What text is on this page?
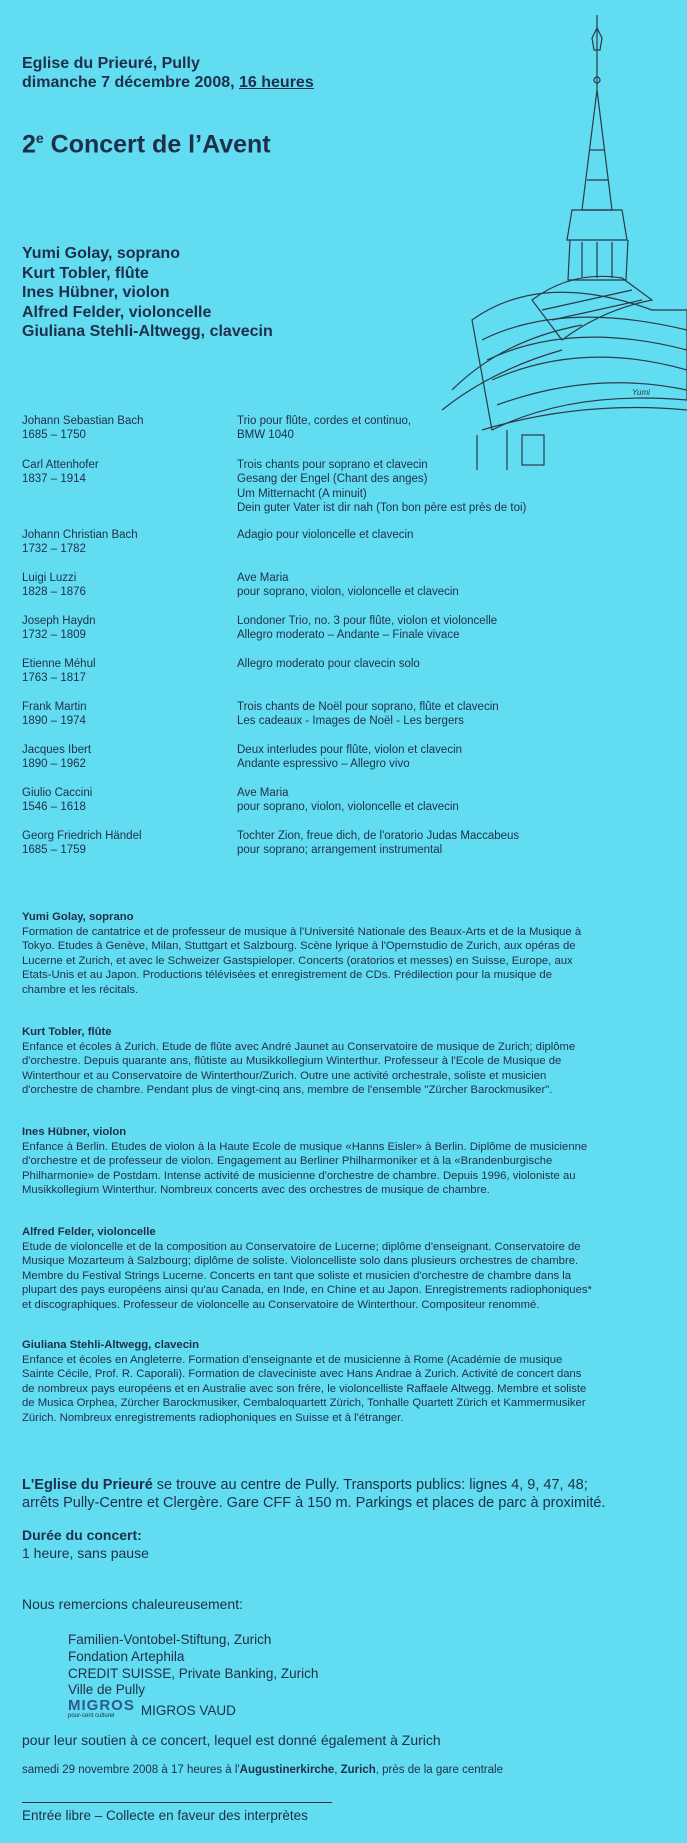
Eglise du Prieuré, Pully
dimanche 7 décembre 2008, 16 heures
2e Concert de l’Avent
Yumi Golay, soprano
Kurt Tobler, flûte
Ines Hübner, violon
Alfred Felder, violoncelle
Giuliana Stehli-Altwegg, clavecin
Yumi
Johann Sebastian Bach
1685 – 1750
Trio pour flûte, cordes et continuo,
BMW 1040
Carl Attenhofer
1837 – 1914
Trois chants pour soprano et clavecin
Gesang der Engel (Chant des anges)
Um Mitternacht (A minuit)
Dein guter Vater ist dir nah (Ton bon père est près de toi)
Johann Christian Bach
1732 – 1782
Adagio pour violoncelle et clavecin
Luigi Luzzi
1828 – 1876
Ave Maria
pour soprano, violon, violoncelle et clavecin
Joseph Haydn
1732 – 1809
Londoner Trio, no. 3 pour flûte, violon et violoncelle
Allegro moderato – Andante – Finale vivace
Etienne Méhul
1763 – 1817
Allegro moderato pour clavecin solo
Frank Martin
1890 – 1974
Trois chants de Noël pour soprano, flûte et clavecin
Les cadeaux - Images de Noël - Les bergers
Jacques Ibert
1890 – 1962
Deux interludes pour flûte, violon et clavecin
Andante espressivo – Allegro vivo
Giulio Caccini
1546 – 1618
Ave Maria
pour soprano, violon, violoncelle et clavecin
Georg Friedrich Händel
1685 – 1759
Tochter Zion, freue dich, de l'oratorio Judas Maccabeus
pour soprano; arrangement instrumental
Yumi Golay, soprano
Formation de cantatrice et de professeur de musique à l'Université Nationale des Beaux-Arts et de la Musique à
Tokyo. Etudes à Genève, Milan, Stuttgart et Salzbourg. Scène lyrique à l'Opernstudio de Zurich, aux opéras de
Lucerne et Zurich, et avec le Schweizer Gastspieloper. Concerts (oratorios et messes) en Suisse, Europe, aux
Etats-Unis et au Japon. Productions télévisées et enregistrement de CDs. Prédilection pour la musique de
chambre et les récitals.
Kurt Tobler, flûte
Enfance et écoles à Zurich. Etude de flûte avec André Jaunet au Conservatoire de musique de Zurich; diplôme
d'orchestre. Depuis quarante ans, flûtiste au Musikkollegium Winterthur. Professeur à l'Ecole de Musique de
Winterthour et au Conservatoire de Winterthour/Zurich. Outre une activité orchestrale, soliste et musicien
d'orchestre de chambre. Pendant plus de vingt-cinq ans, membre de l'ensemble "Zürcher Barockmusiker".
Ines Hübner, violon
Enfance à Berlin. Etudes de violon à la Haute Ecole de musique «Hanns Eisler» à Berlin. Diplôme de musicienne
d'orchestre et de professeur de violon. Engagement au Berliner Philharmoniker et à la «Brandenburgische
Philharmonie» de Postdam. Intense activité de musicienne d'orchestre de chambre. Depuis 1996, violoniste au
Musikkollegium Winterthur. Nombreux concerts avec des orchestres de musique de chambre.
Alfred Felder, violoncelle
Etude de violoncelle et de la composition au Conservatoire de Lucerne; diplôme d'enseignant. Conservatoire de
Musique Mozarteum à Salzbourg; diplôme de soliste. Violoncelliste solo dans plusieurs orchestres de chambre.
Membre du Festival Strings Lucerne. Concerts en tant que soliste et musicien d'orchestre de chambre dans la
plupart des pays européens ainsi qu'au Canada, en Inde, en Chine et au Japon. Enregistrements radiophoniques*
et discographiques. Professeur de violoncelle au Conservatoire de Winterthour. Compositeur renommé.
Giuliana Stehli-Altwegg, clavecin
Enfance et écoles en Angleterre. Formation d'enseignante et de musicienne à Rome (Académie de musique
Sainte Cécile, Prof. R. Caporali). Formation de claveciniste avec Hans Andrae à Zurich. Activité de concert dans
de nombreux pays européens et en Australie avec son frère, le violoncelliste Raffaele Altwegg. Membre et soliste
de Musica Orphea, Zürcher Barockmusiker, Cembaloquartett Zürich, Tonhalle Quartett Zürich et Kammermusiker
Zürich. Nombreux enregistrements radiophoniques en Suisse et à l'étranger.
L'Eglise du Prieuré se trouve au centre de Pully. Transports publics: lignes 4, 9, 47, 48;
arrêts Pully-Centre et Clergère. Gare CFF à 150 m. Parkings et places de parc à proximité.
Durée du concert:
1 heure, sans pause
Nous remercions chaleureusement:
Familien-Vontobel-Stiftung, Zurich
Fondation Artephila
CREDIT SUISSE, Private Banking, Zurich
Ville de Pully
MIGROS
pour-cent culturel	MIGROS VAUD
pour leur soutien à ce concert, lequel est donné également à Zurich
samedi 29 novembre 2008 à 17 heures à l'Augustinerkirche, Zurich, près de la gare centrale
Entrée libre – Collecte en faveur des interprètes
